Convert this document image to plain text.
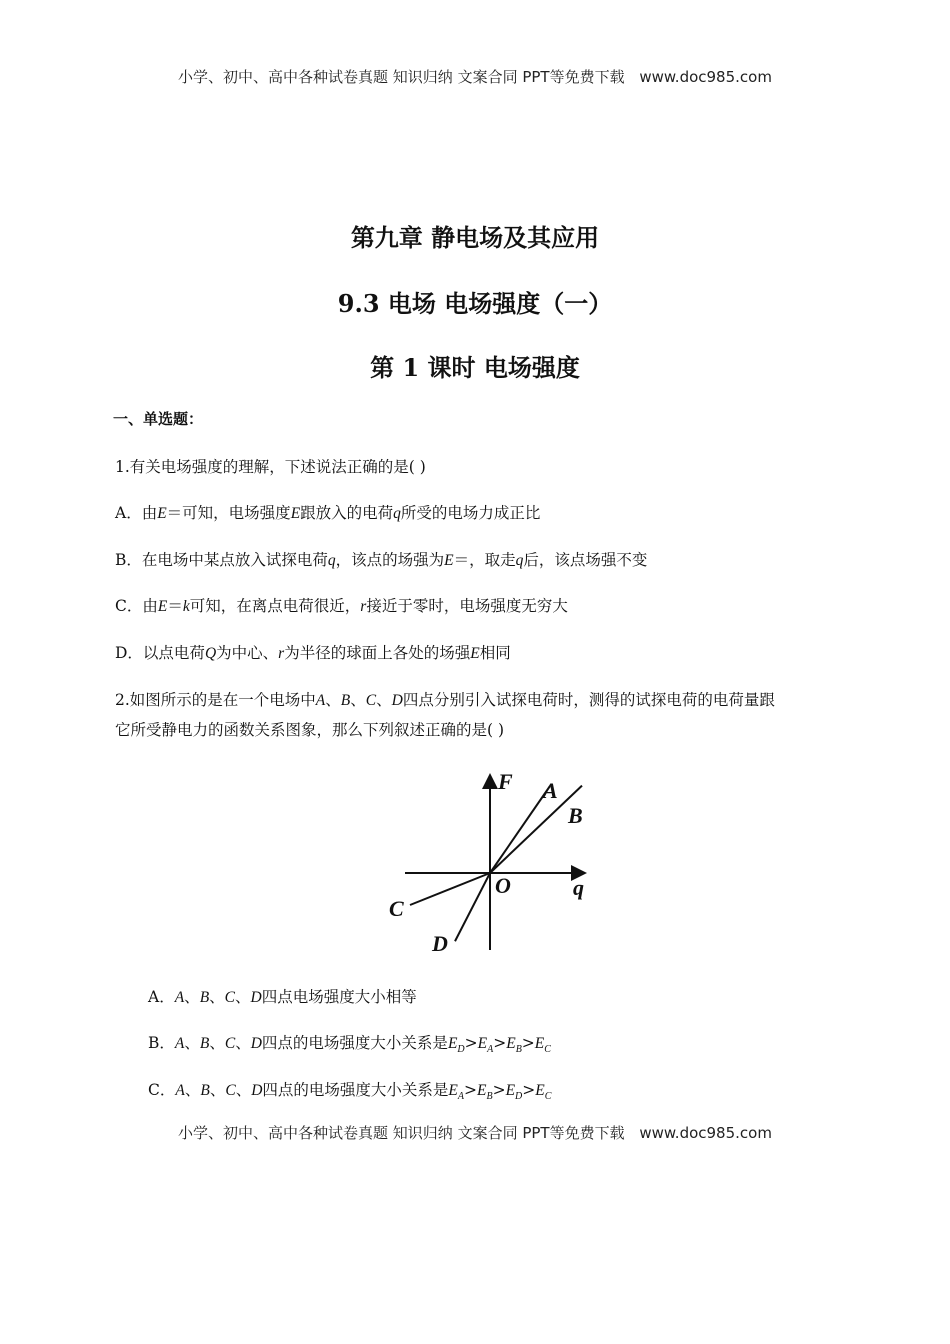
小学、初中、高中各种试卷真题 知识归纳 文案合同 PPT等免费下载 www.doc985.com
第九章 静电场及其应用
9.3 电场 电场强度（一）
第 1 课时 电场强度
一、单选题：
1.有关电场强度的理解，下述说法正确的是( )
A．由E＝可知，电场强度E跟放入的电荷q所受的电场力成正比
B．在电场中某点放入试探电荷q，该点的场强为E＝，取走q后，该点场强不变
C．由E＝k可知，在离点电荷很近，r接近于零时，电场强度无穷大
D．以点电荷Q为中心、r为半径的球面上各处的场强E相同
2.如图所示的是在一个电场中A、B、C、D四点分别引入试探电荷时，测得的试探电荷的电荷量跟
它所受静电力的函数关系图象，那么下列叙述正确的是( )
F
q
O
A
B
C
D
A．A、B、C、D四点电场强度大小相等
B．A、B、C、D四点的电场强度大小关系是$E_D>E_A>E_B>E_C$
C．A、B、C、D四点的电场强度大小关系是$E_A>E_B>E_D>E_C$
小学、初中、高中各种试卷真题 知识归纳 文案合同 PPT等免费下载 www.doc985.com
